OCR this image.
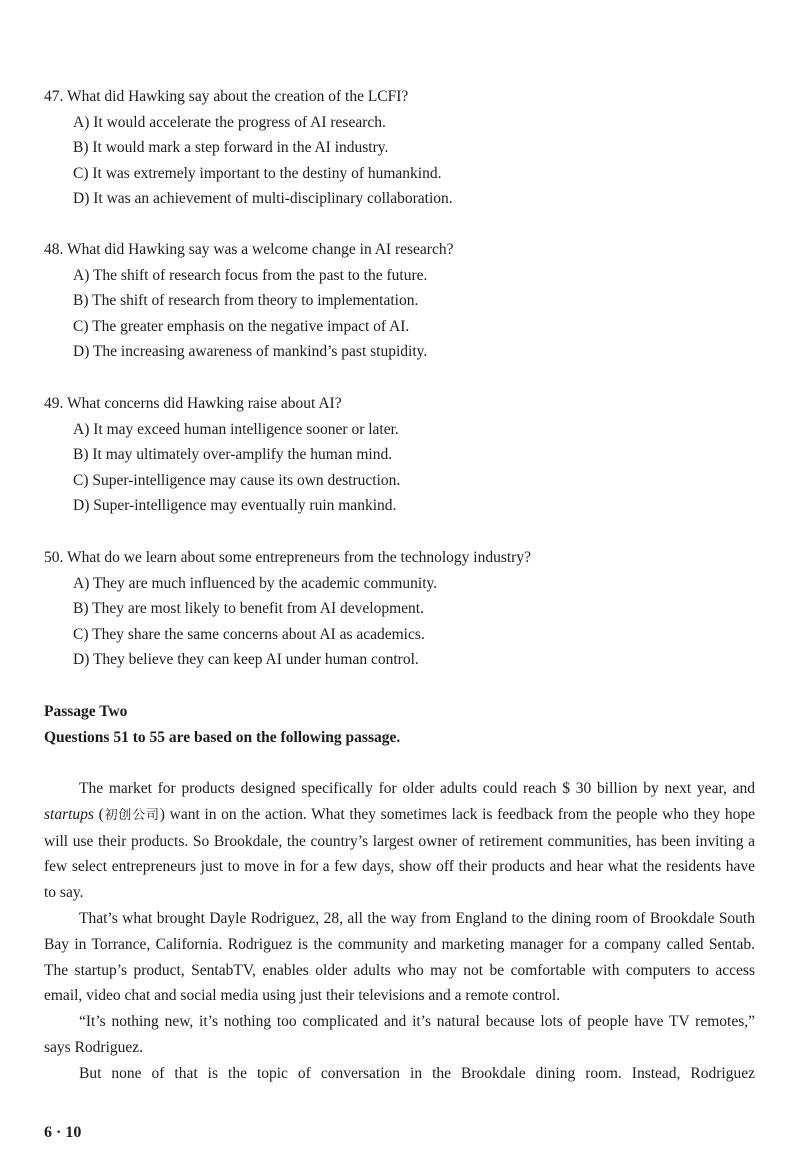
47. What did Hawking say about the creation of the LCFI?
A) It would accelerate the progress of AI research.
B) It would mark a step forward in the AI industry.
C) It was extremely important to the destiny of humankind.
D) It was an achievement of multi-disciplinary collaboration.
48. What did Hawking say was a welcome change in AI research?
A) The shift of research focus from the past to the future.
B) The shift of research from theory to implementation.
C) The greater emphasis on the negative impact of AI.
D) The increasing awareness of mankind’s past stupidity.
49. What concerns did Hawking raise about AI?
A) It may exceed human intelligence sooner or later.
B) It may ultimately over-amplify the human mind.
C) Super-intelligence may cause its own destruction.
D) Super-intelligence may eventually ruin mankind.
50. What do we learn about some entrepreneurs from the technology industry?
A) They are much influenced by the academic community.
B) They are most likely to benefit from AI development.
C) They share the same concerns about AI as academics.
D) They believe they can keep AI under human control.
Passage Two
Questions 51 to 55 are based on the following passage.

The market for products designed specifically for older adults could reach $ 30 billion by next year, and startups (初创公司) want in on the action. What they sometimes lack is feedback from the people who they hope will use their products. So Brookdale, the country’s largest owner of retirement communities, has been inviting a few select entrepreneurs just to move in for a few days, show off their products and hear what the residents have to say.

That’s what brought Dayle Rodriguez, 28, all the way from England to the dining room of Brookdale South Bay in Torrance, California. Rodriguez is the community and marketing manager for a company called Sentab. The startup’s product, SentabTV, enables older adults who may not be comfortable with computers to access email, video chat and social media using just their televisions and a remote control.

“It’s nothing new, it’s nothing too complicated and it’s natural because lots of people have TV remotes,” says Rodriguez.

But none of that is the topic of conversation in the Brookdale dining room. Instead, Rodriguez

6 · 10
